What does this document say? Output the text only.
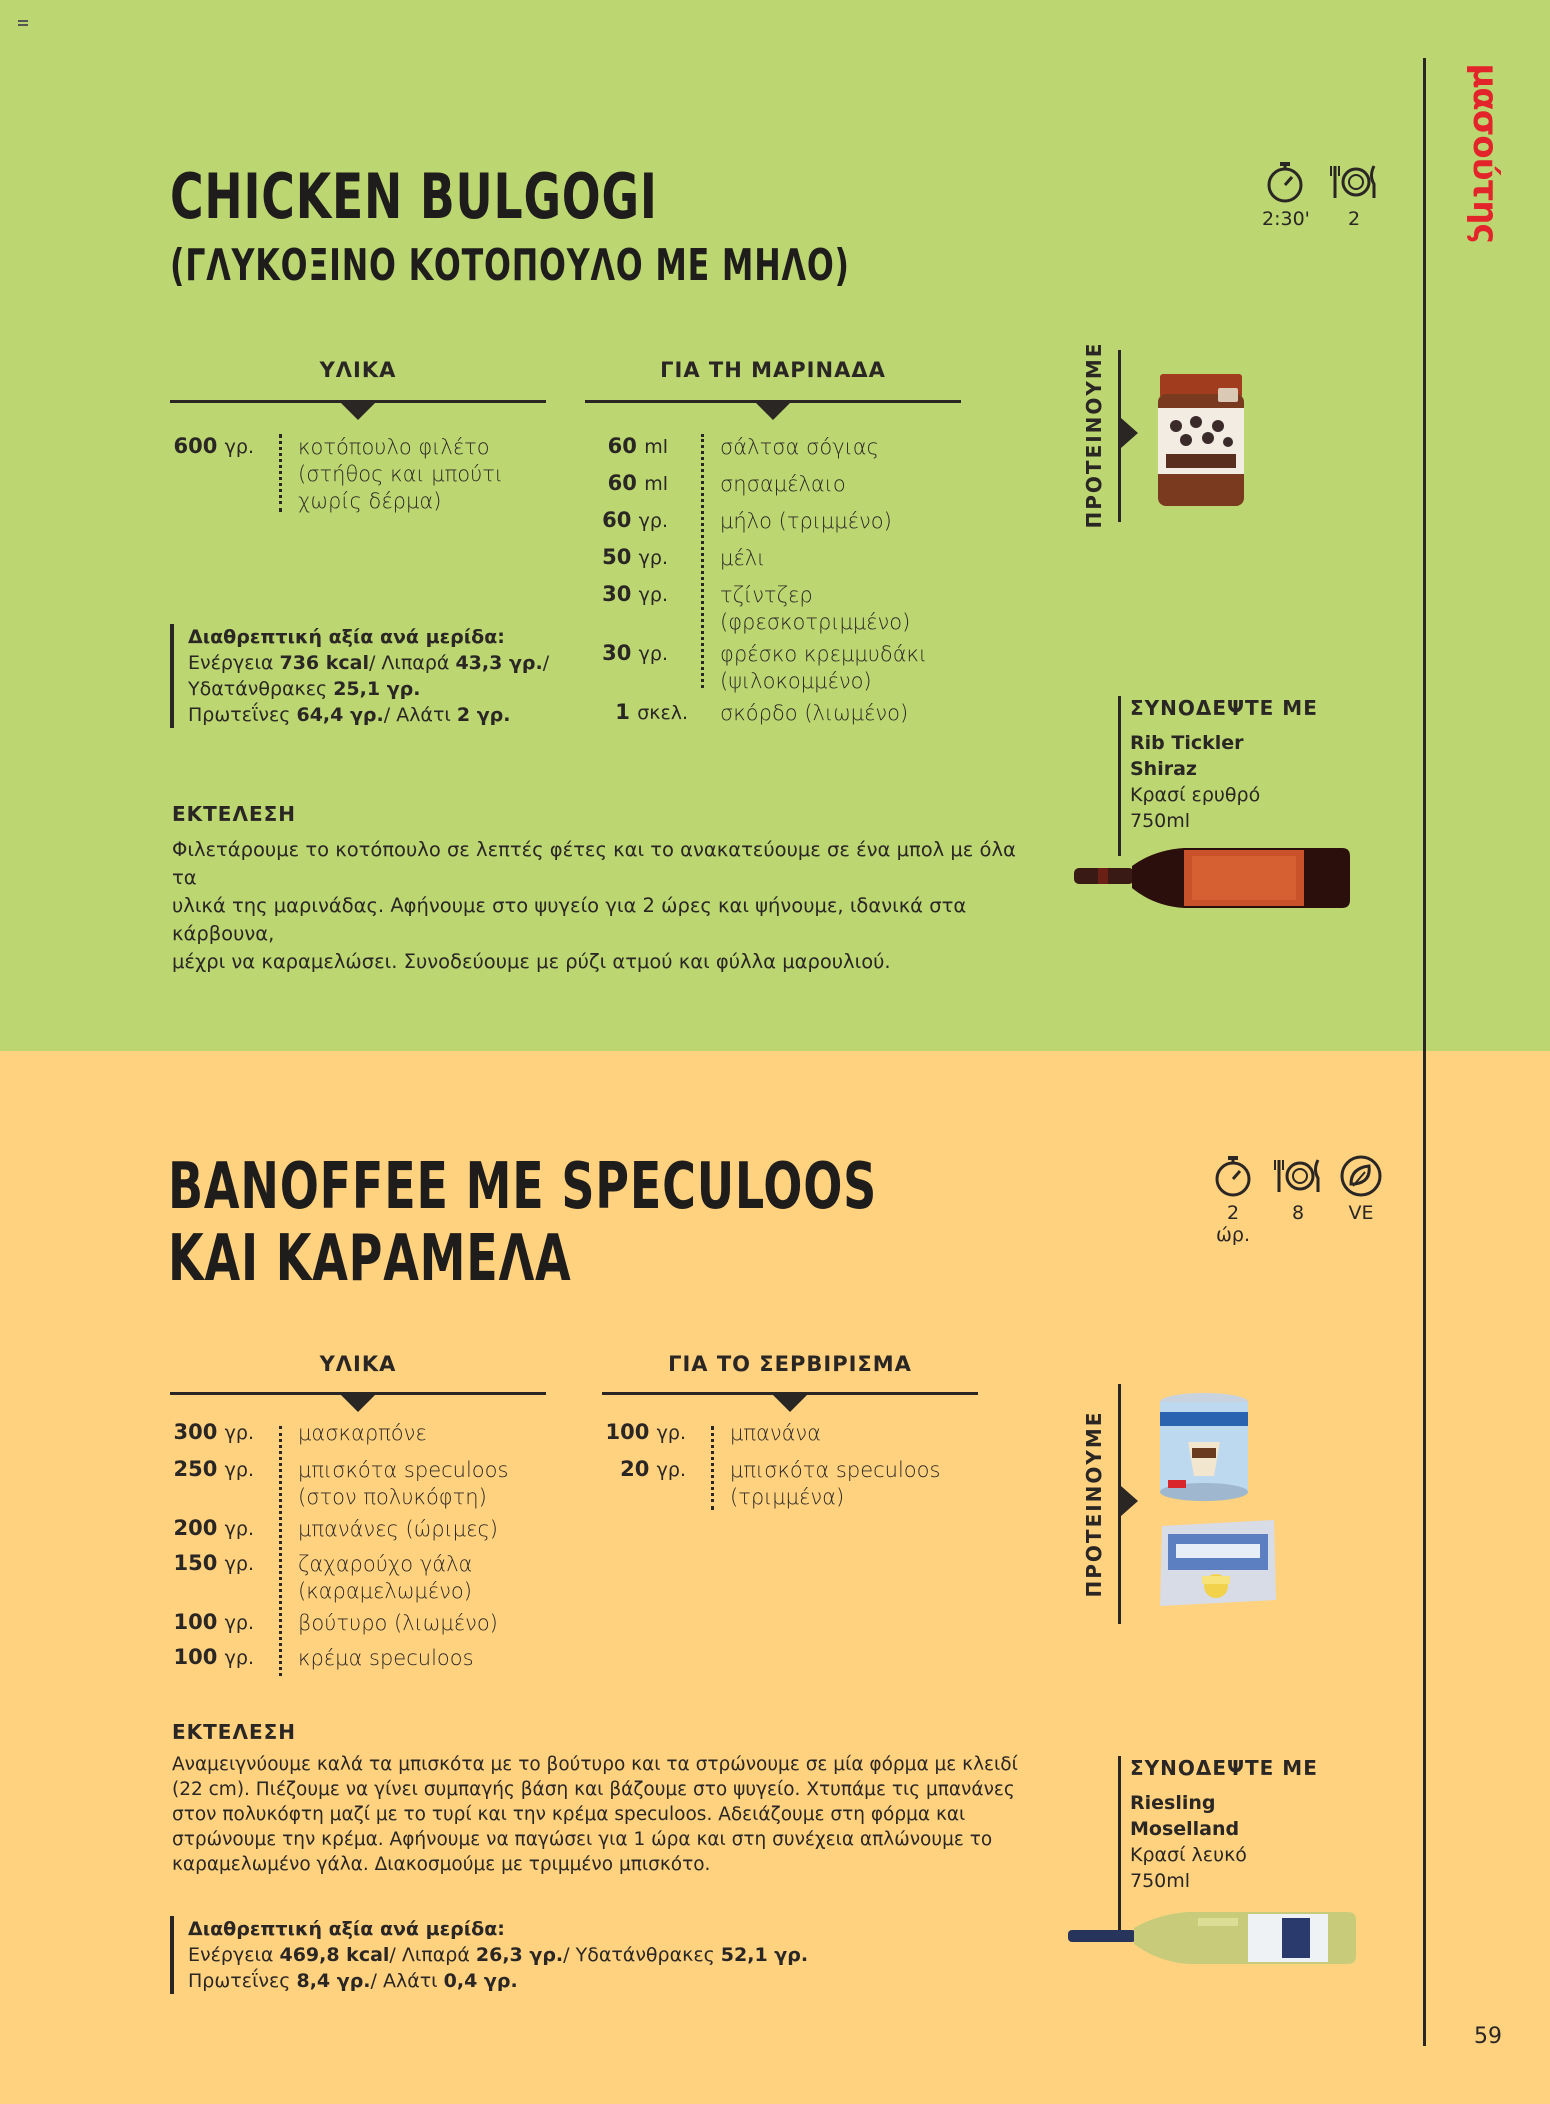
μασούτης
59
CHICKEN BULGOGI
(ΓΛΥΚΟΞΙΝΟ ΚΟΤΟΠΟΥΛΟ ΜΕ ΜΗΛΟ)
2:30'	2
ΥΛΙΚΑ	ΓΙΑ ΤΗ ΜΑΡΙΝΑΔΑ
600 γρ. κοτόπουλο φιλέτο
(στήθος και μπούτι
χωρίς δέρμα)
60 ml σάλτσα σόγιας
60 ml σησαμέλαιο
60 γρ. μήλο (τριμμένο)
50 γρ. μέλι
30 γρ. τζίντζερ
(φρεσκοτριμμένο)
30 γρ. φρέσκο κρεμμυδάκι
(ψιλοκομμένο)
1 σκελ. σκόρδο (λιωμένο)
Διαθρεπτική αξία ανά μερίδα:
Ενέργεια 736 kcal/ Λιπαρά 43,3 γρ./
Υδατάνθρακες 25,1 γρ.
Πρωτεΐνες 64,4 γρ./ Αλάτι 2 γρ.
ΕΚΤΕΛΕΣΗ
Φιλετάρουμε το κοτόπουλο σε λεπτές φέτες και το ανακατεύουμε σε ένα μπολ με όλα τα
υλικά της μαρινάδας. Αφήνουμε στο ψυγείο για 2 ώρες και ψήνουμε, ιδανικά στα κάρβουνα,
μέχρι να καραμελώσει. Συνοδεύουμε με ρύζι ατμού και φύλλα μαρουλιού.
ΠΡΟΤΕΙΝΟΥΜΕ
ΣΥΝΟΔΕΨΤΕ ΜΕ
Rib Tickler
Shiraz
Κρασί ερυθρό
750ml
BANOFFEE ΜΕ SPECULOOS
ΚΑΙ ΚΑΡΑΜΕΛΑ
2 ώρ.
8	VE
ΥΛΙΚΑ	ΓΙΑ ΤΟ ΣΕΡΒΙΡΙΣΜΑ
300 γρ. μασκαρπόνε
250 γρ. μπισκότα speculoos
(στον πολυκόφτη)
200 γρ. μπανάνες (ώριμες)
150 γρ. ζαχαρούχο γάλα
(καραμελωμένο)
100 γρ. βούτυρο (λιωμένο)
100 γρ. κρέμα speculoos
100 γρ. μπανάνα
20 γρ. μπισκότα speculoos
(τριμμένα)
ΕΚΤΕΛΕΣΗ
Αναμειγνύουμε καλά τα μπισκότα με το βούτυρο και τα στρώνουμε σε μία φόρμα με κλειδί
(22 cm). Πιέζουμε να γίνει συμπαγής βάση και βάζουμε στο ψυγείο. Χτυπάμε τις μπανάνες
στον πολυκόφτη μαζί με το τυρί και την κρέμα speculoos. Αδειάζουμε στη φόρμα και
στρώνουμε την κρέμα. Αφήνουμε να παγώσει για 1 ώρα και στη συνέχεια απλώνουμε το
καραμελωμένο γάλα. Διακοσμούμε με τριμμένο μπισκότο.
Διαθρεπτική αξία ανά μερίδα:
Ενέργεια 469,8 kcal/ Λιπαρά 26,3 γρ./ Υδατάνθρακες 52,1 γρ.
Πρωτεΐνες 8,4 γρ./ Αλάτι 0,4 γρ.
ΠΡΟΤΕΙΝΟΥΜΕ
ΣΥΝΟΔΕΨΤΕ ΜΕ
Riesling
Moselland
Κρασί λευκό
750ml
